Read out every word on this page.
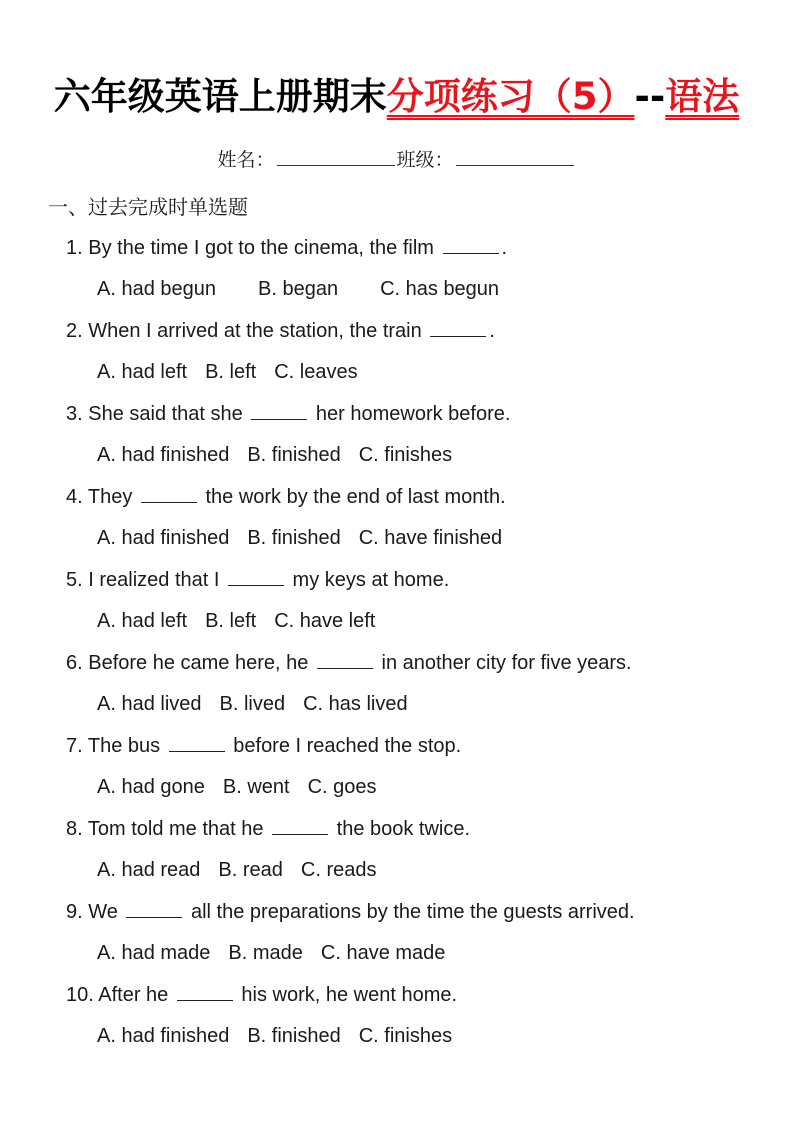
六年级英语上册期末分项练习（5）--语法
姓名：	班级：
一、过去完成时单选题
1. By the time I got to the cinema, the film	.
A. had begun B. began C. has begun
2. When I arrived at the station, the train	.
A. had left B. left C. leaves
3. She said that she	her homework before.
A. had finished B. finished C. finishes
4. They	the work by the end of last month.
A. had finished B. finished C. have finished
5. I realized that I	my keys at home.
A. had left B. left C. have left
6. Before he came here, he	in another city for five years.
A. had lived B. lived C. has lived
7. The bus	before I reached the stop.
A. had gone B. went C. goes
8. Tom told me that he	the book twice.
A. had read B. read C. reads
9. We	all the preparations by the time the guests arrived.
A. had made B. made C. have made
10. After he	his work, he went home.
A. had finished B. finished C. finishes
